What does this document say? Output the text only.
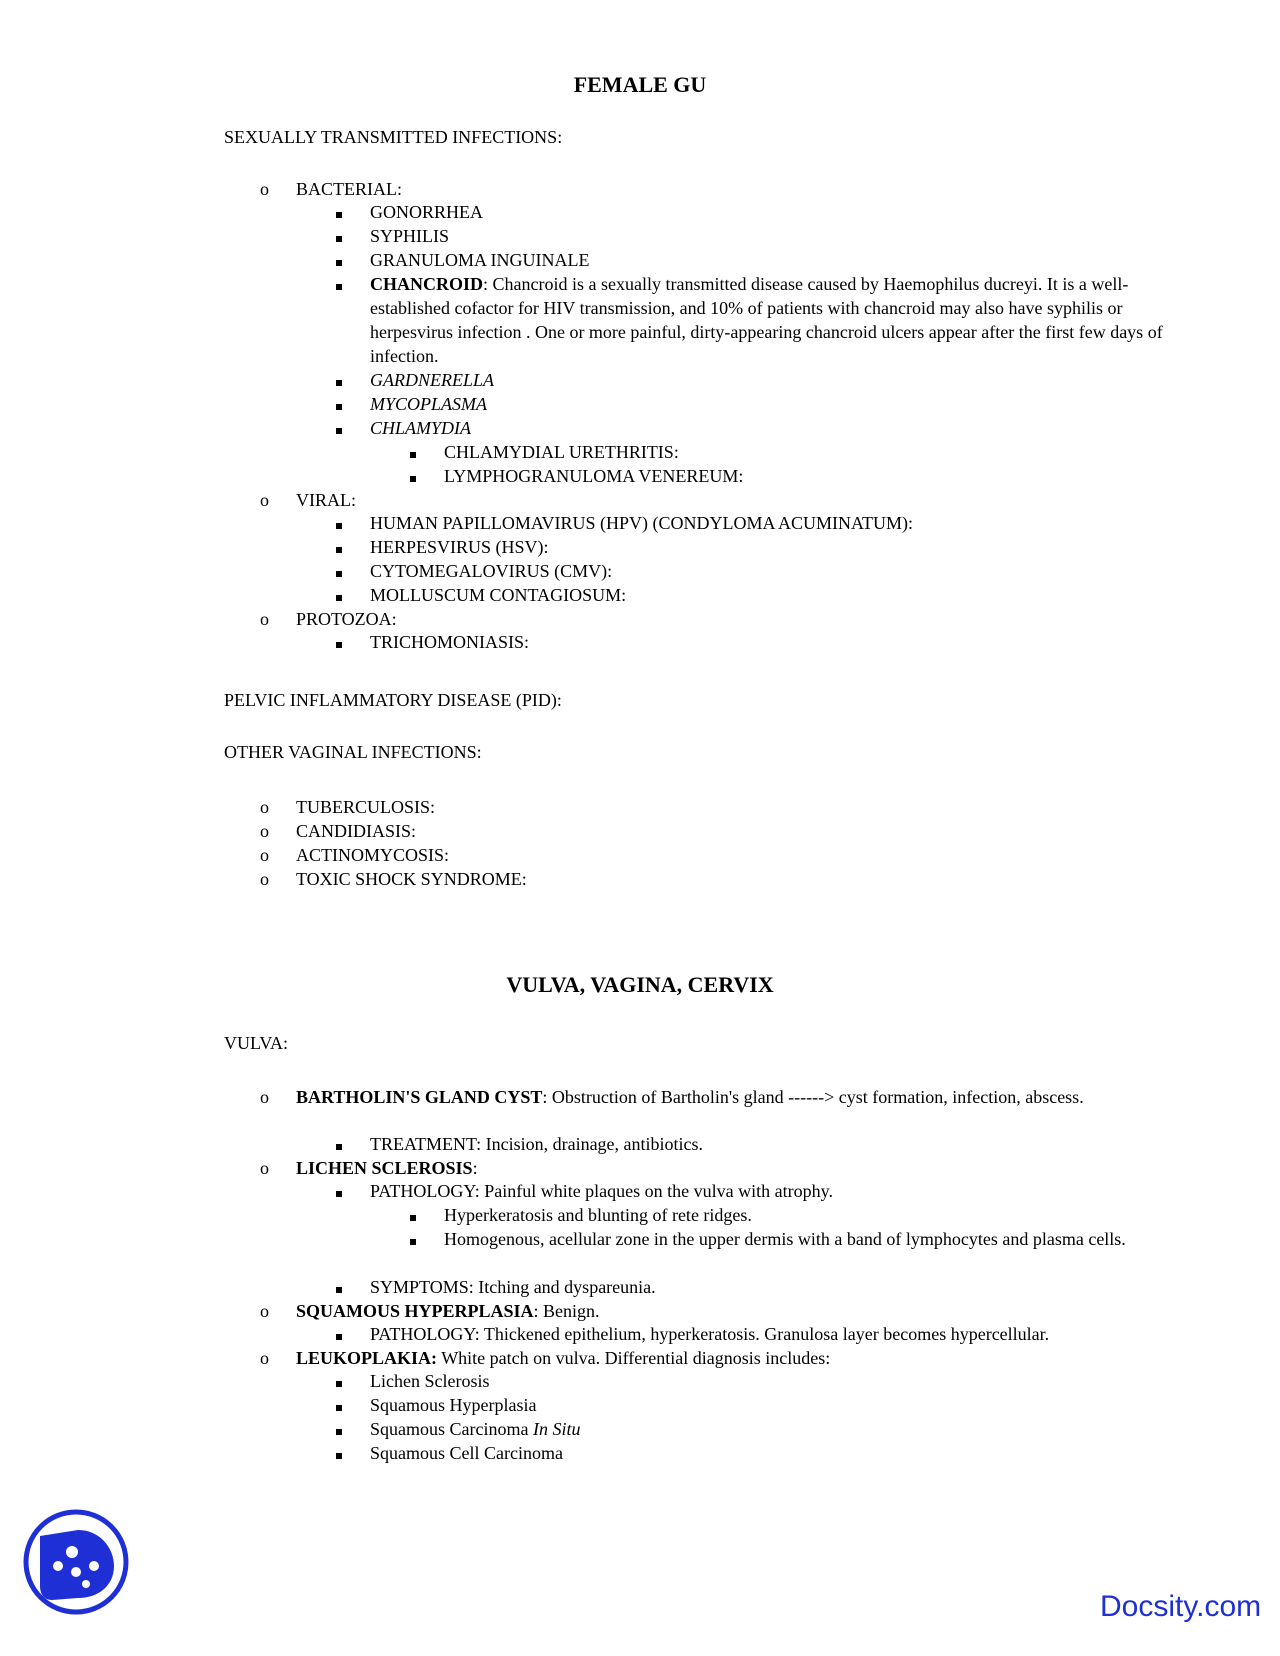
FEMALE GU
SEXUALLY TRANSMITTED INFECTIONS:
o BACTERIAL:
GONORRHEA
SYPHILIS
GRANULOMA INGUINALE
CHANCROID: Chancroid is a sexually transmitted disease caused by Haemophilus ducreyi. It is a well-established cofactor for HIV transmission, and 10% of patients with chancroid may also have syphilis or herpesvirus infection . One or more painful, dirty-appearing chancroid ulcers appear after the first few days of infection.
GARDNERELLA
MYCOPLASMA
CHLAMYDIA
CHLAMYDIAL URETHRITIS:
LYMPHOGRANULOMA VENEREUM:
o VIRAL:
HUMAN PAPILLOMAVIRUS (HPV) (CONDYLOMA ACUMINATUM):
HERPESVIRUS (HSV):
CYTOMEGALOVIRUS (CMV):
MOLLUSCUM CONTAGIOSUM:
o PROTOZOA:
TRICHOMONIASIS:
PELVIC INFLAMMATORY DISEASE (PID):
OTHER VAGINAL INFECTIONS:
o TUBERCULOSIS:
o CANDIDIASIS:
o ACTINOMYCOSIS:
o TOXIC SHOCK SYNDROME:
VULVA, VAGINA, CERVIX
VULVA:
o BARTHOLIN'S GLAND CYST: Obstruction of Bartholin's gland ------> cyst formation, infection, abscess.
TREATMENT: Incision, drainage, antibiotics.
o LICHEN SCLEROSIS:
PATHOLOGY: Painful white plaques on the vulva with atrophy.
Hyperkeratosis and blunting of rete ridges.
Homogenous, acellular zone in the upper dermis with a band of lymphocytes and plasma cells.
SYMPTOMS: Itching and dyspareunia.
o SQUAMOUS HYPERPLASIA: Benign.
PATHOLOGY: Thickened epithelium, hyperkeratosis. Granulosa layer becomes hypercellular.
o LEUKOPLAKIA: White patch on vulva. Differential diagnosis includes:
Lichen Sclerosis
Squamous Hyperplasia
Squamous Carcinoma In Situ
Squamous Cell Carcinoma
Docsity.com
